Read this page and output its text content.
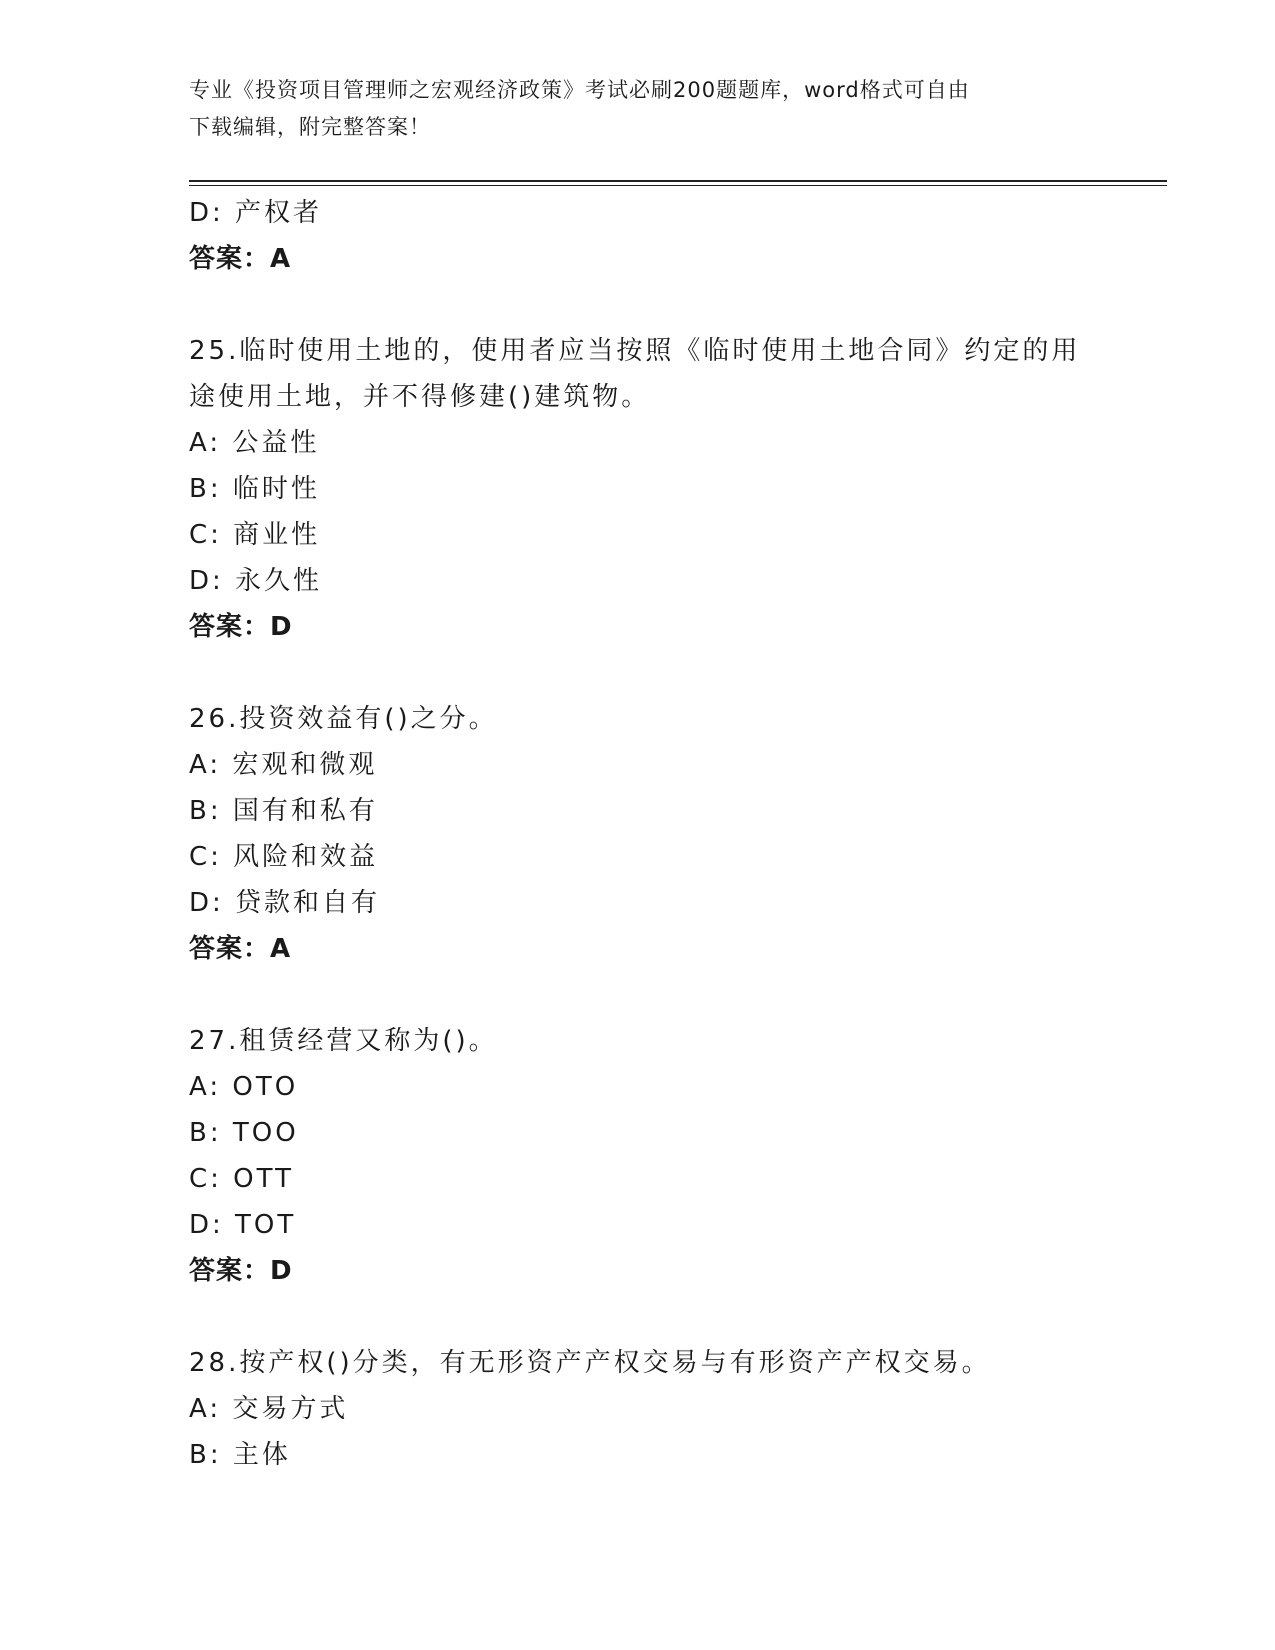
专业《投资项目管理师之宏观经济政策》考试必刷200题题库，word格式可自由
下载编辑，附完整答案！
D: 产权者
答案：A
25.临时使用土地的，使用者应当按照《临时使用土地合同》约定的用
途使用土地，并不得修建()建筑物。
A: 公益性
B: 临时性
C: 商业性
D: 永久性
答案：D
26.投资效益有()之分。
A: 宏观和微观
B: 国有和私有
C: 风险和效益
D: 贷款和自有
答案：A
27.租赁经营又称为()。
A: OTO
B: TOO
C: OTT
D: TOT
答案：D
28.按产权()分类，有无形资产产权交易与有形资产产权交易。
A: 交易方式
B: 主体
